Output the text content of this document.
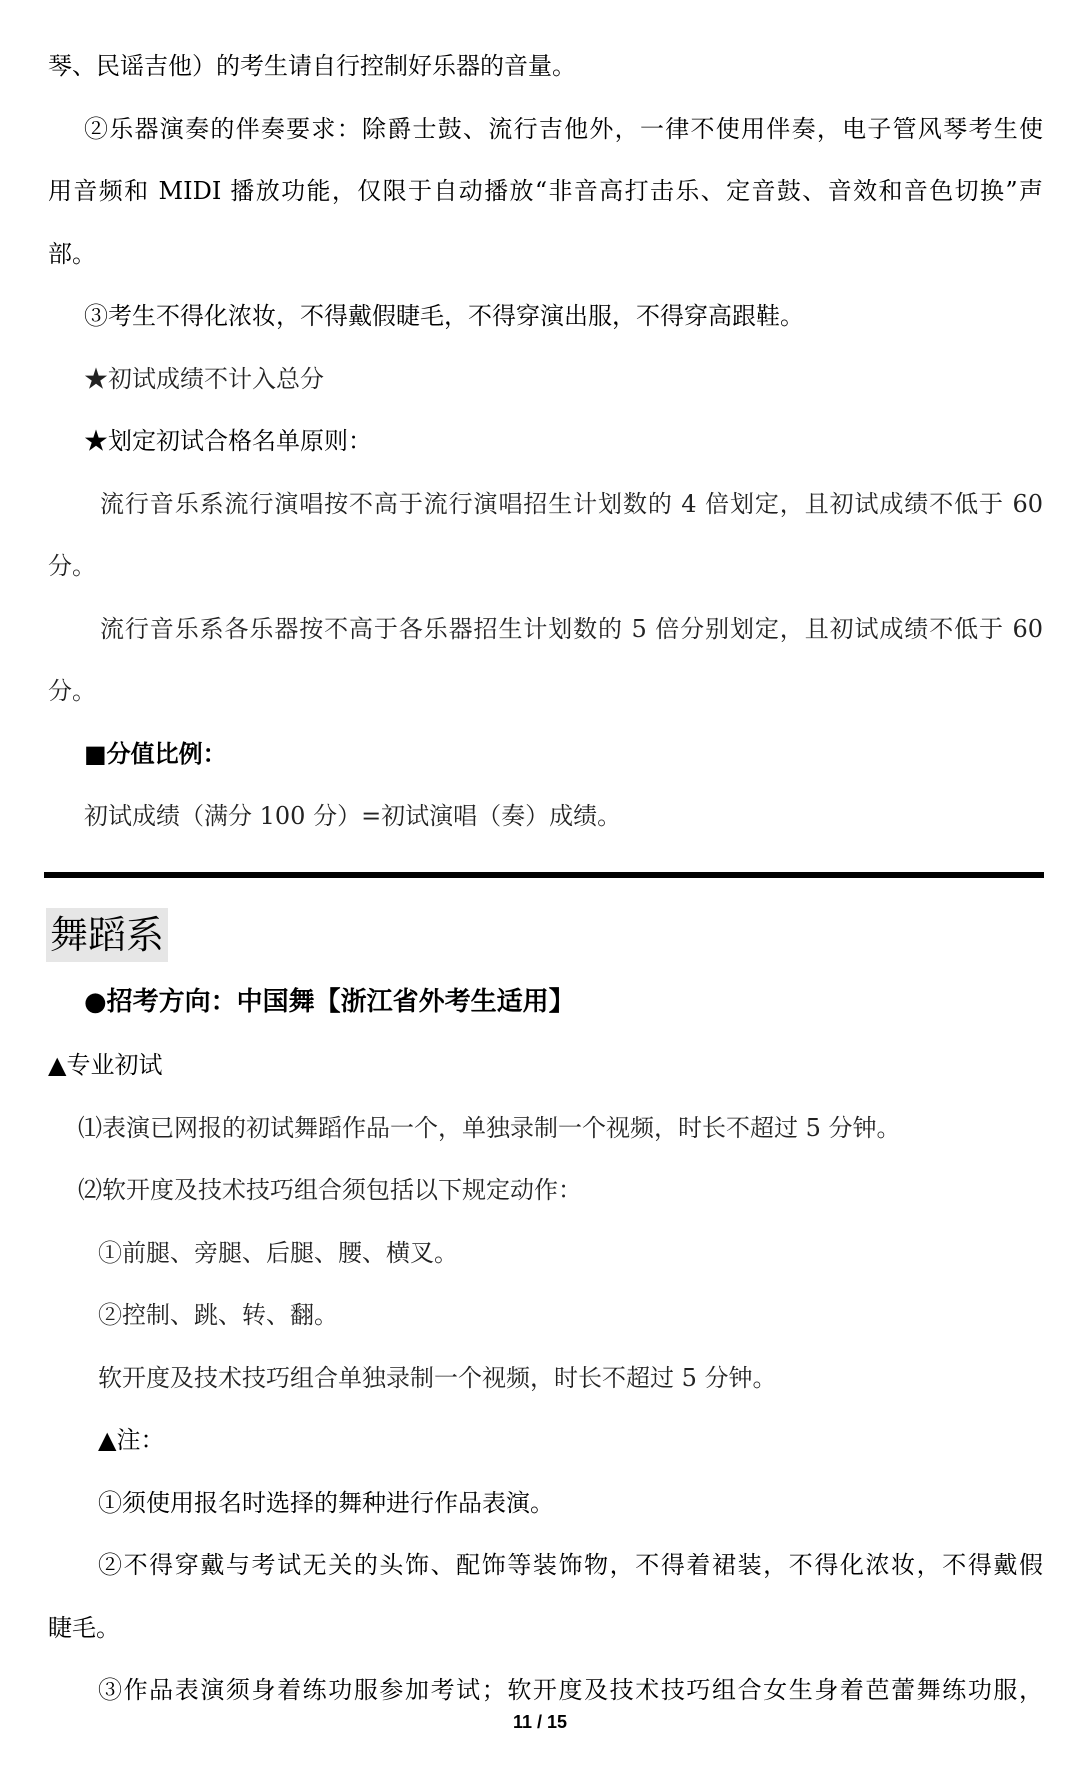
琴、民谣吉他）的考生请自行控制好乐器的音量。
②乐器演奏的伴奏要求：除爵士鼓、流行吉他外，一律不使用伴奏，电子管风琴考生使
用音频和 MIDI 播放功能，仅限于自动播放“非音高打击乐、定音鼓、音效和音色切换”声
部。
③考生不得化浓妆，不得戴假睫毛，不得穿演出服，不得穿高跟鞋。
★初试成绩不计入总分
★划定初试合格名单原则：
流行音乐系流行演唱按不高于流行演唱招生计划数的 4 倍划定，且初试成绩不低于 60
分。
流行音乐系各乐器按不高于各乐器招生计划数的 5 倍分别划定，且初试成绩不低于 60
分。
■分值比例：
初试成绩（满分 100 分）=初试演唱（奏）成绩。
舞蹈系
●招考方向：中国舞【浙江省外考生适用】
▲专业初试
⑴表演已网报的初试舞蹈作品一个，单独录制一个视频，时长不超过 5 分钟。
⑵软开度及技术技巧组合须包括以下规定动作：
①前腿、旁腿、后腿、腰、横叉。
②控制、跳、转、翻。
软开度及技术技巧组合单独录制一个视频，时长不超过 5 分钟。
▲注：
①须使用报名时选择的舞种进行作品表演。
②不得穿戴与考试无关的头饰、配饰等装饰物，不得着裙装，不得化浓妆，不得戴假
睫毛。
③作品表演须身着练功服参加考试；软开度及技术技巧组合女生身着芭蕾舞练功服，
11 / 15
